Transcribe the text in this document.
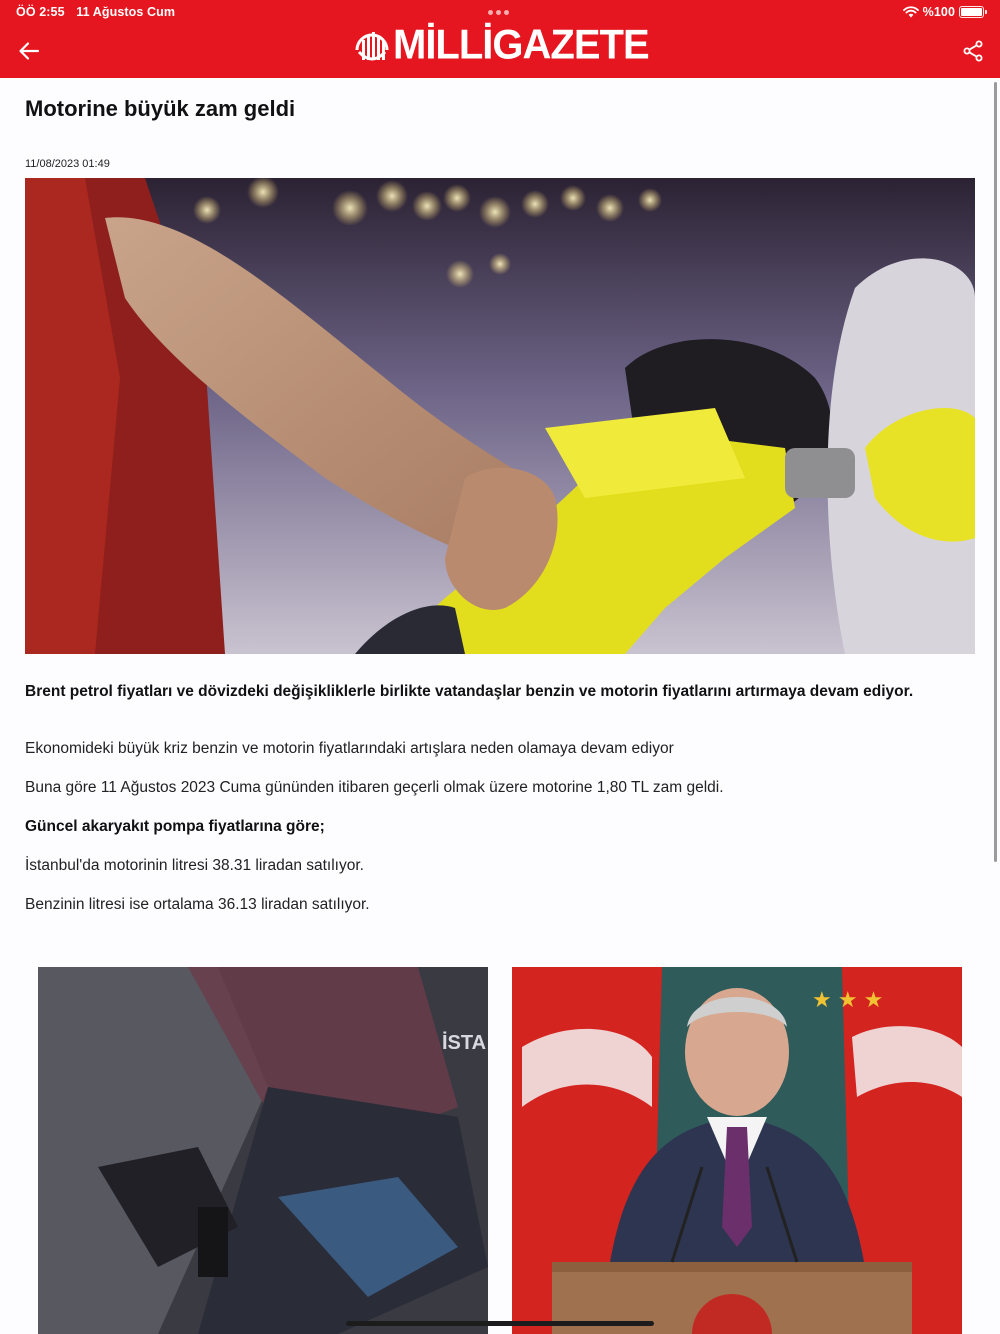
ÖÖ 2:55 11 Ağustos Cum	%100
MİLLİGAZETE
Motorine büyük zam geldi
11/08/2023 01:49

Brent petrol fiyatları ve dövizdeki değişikliklerle birlikte vatandaşlar benzin ve motorin fiyatlarını artırmaya devam ediyor.

Ekonomideki büyük kriz benzin ve motorin fiyatlarındaki artışlara neden olamaya devam ediyor

Buna göre 11 Ağustos 2023 Cuma gününden itibaren geçerli olmak üzere motorine 1,80 TL zam geldi.

Güncel akaryakıt pompa fiyatlarına göre;

İstanbul'da motorinin litresi 38.31 liradan satılıyor.

Benzinin litresi ise ortalama 36.13 liradan satılıyor.

İSTA
★ ★ ★
